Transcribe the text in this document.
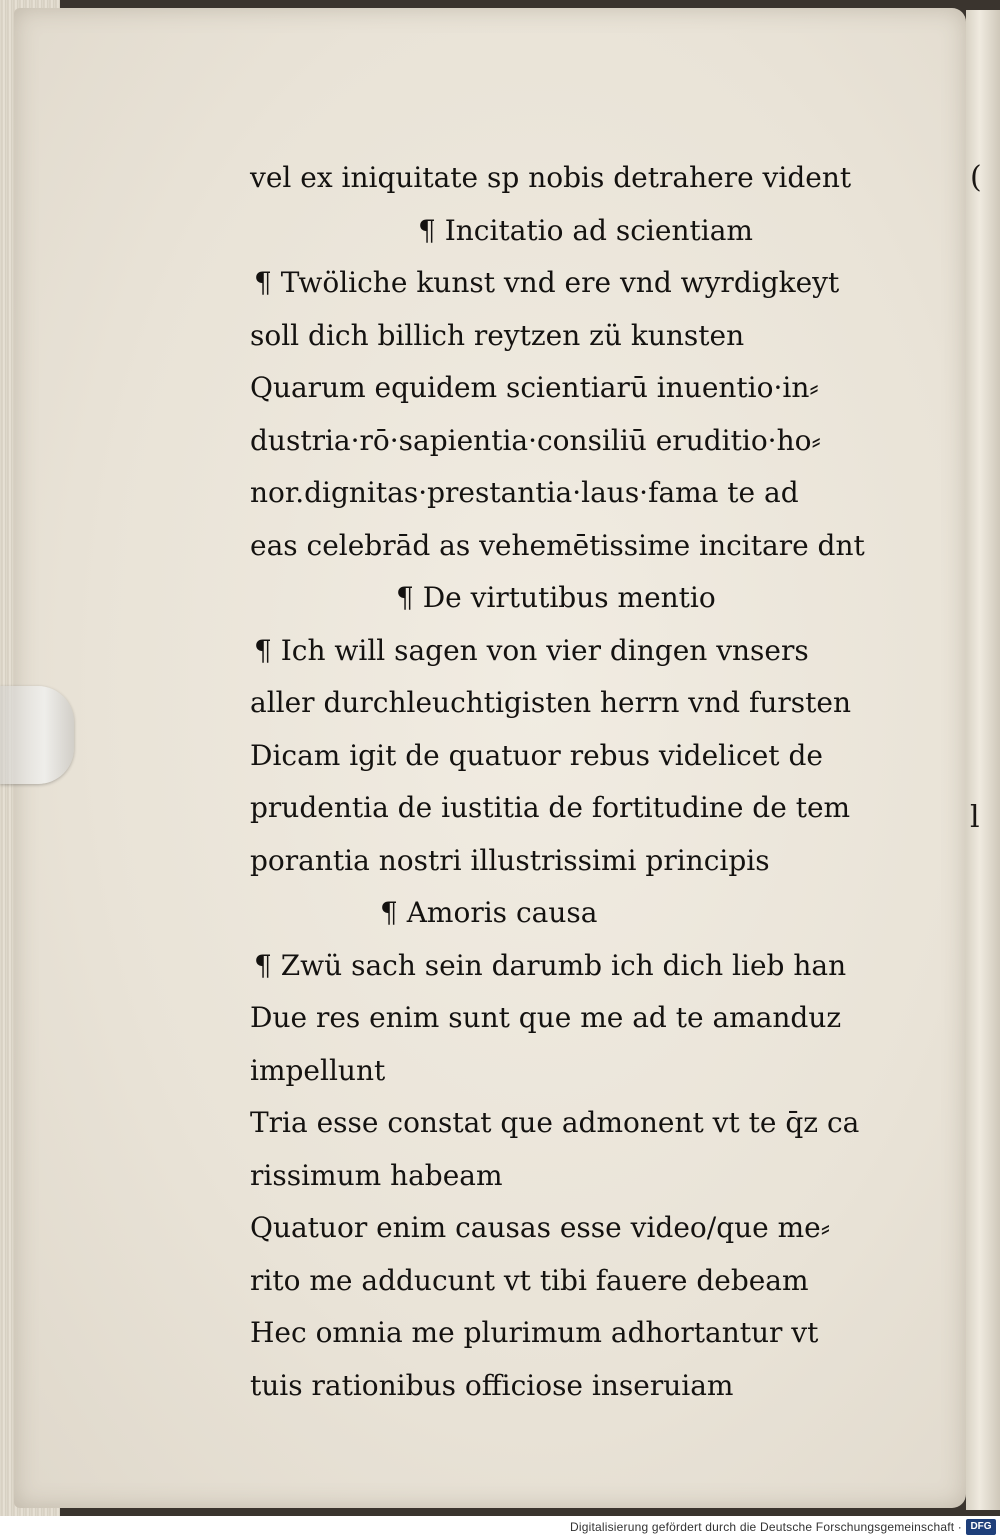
(
l

vel ex iniquitate sp nobis detrahere vident
¶ Incitatio ad scientiam
¶ Twöliche kunst vnd ere vnd wyrdigkeyt
soll dich billich reytzen zü kunsten
Quarum equidem scientiarū inuentio·in⸗
dustria·rō·sapientia·consiliū eruditio·ho⸗
nor.dignitas·prestantia·laus·fama te ad
eas celebrād as vehemētissime incitare dnt
¶ De virtutibus mentio
¶ Ich will sagen von vier dingen vnsers
aller durchleuchtigisten herrn vnd fursten
Dicam igit de quatuor rebus videlicet de
prudentia de iustitia de fortitudine de tem
porantia nostri illustrissimi principis
¶ Amoris causa
¶ Zwü sach sein darumb ich dich lieb han
Due res enim sunt que me ad te amanduz
impellunt
Tria esse constat que admonent vt te q̄z ca
rissimum habeam
Quatuor enim causas esse video/que me⸗
rito me adducunt vt tibi fauere debeam
Hec omnia me plurimum adhortantur vt
tuis rationibus officiose inseruiam
Digitalisierung gefördert durch die Deutsche Forschungsgemeinschaft · DFG
